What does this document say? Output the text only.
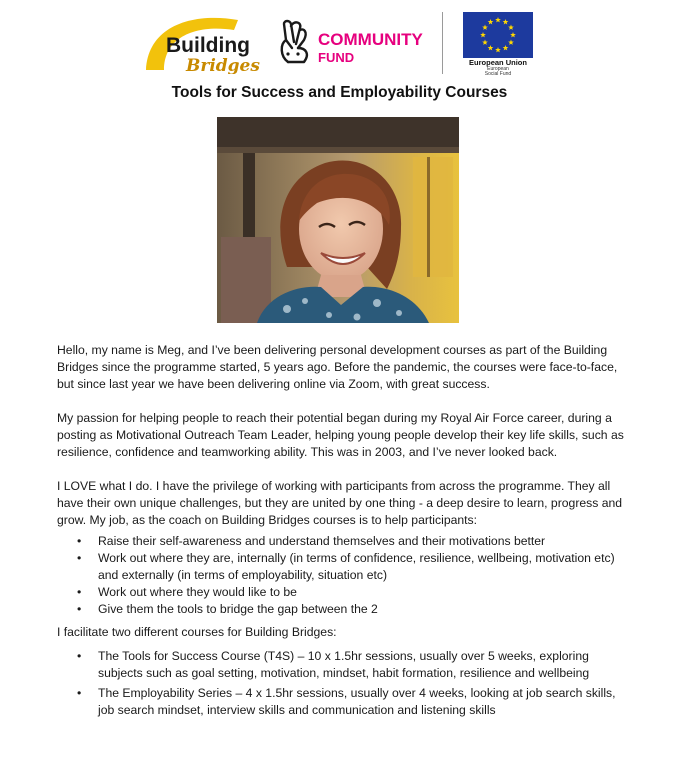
Building
Bridges
COMMUNITY
FUND	European Union
European
Social Fund
Tools for Success and Employability Courses

Hello, my name is Meg, and I’ve been delivering personal development courses as part of the Building Bridges since the programme started, 5 years ago. Before the pandemic, the courses were face-to-face, but since last year we have been delivering online via Zoom, with great success.

My passion for helping people to reach their potential began during my Royal Air Force career, during a posting as Motivational Outreach Team Leader, helping young people develop their key life skills, such as resilience, confidence and teamworking ability. This was in 2003, and I’ve never looked back.

I LOVE what I do. I have the privilege of working with participants from across the programme. They all have their own unique challenges, but they are united by one thing - a deep desire to learn, progress and grow. My job, as the coach on Building Bridges courses is to help participants:

• Raise their self-awareness and understand themselves and their motivations better
• Work out where they are, internally (in terms of confidence, resilience, wellbeing, motivation etc) and externally (in terms of employability, situation etc)
• Work out where they would like to be
• Give them the tools to bridge the gap between the 2

I facilitate two different courses for Building Bridges:

• The Tools for Success Course (T4S) – 10 x 1.5hr sessions, usually over 5 weeks, exploring subjects such as goal setting, motivation, mindset, habit formation, resilience and wellbeing
• The Employability Series – 4 x 1.5hr sessions, usually over 4 weeks, looking at job search skills, job search mindset, interview skills and communication and listening skills
